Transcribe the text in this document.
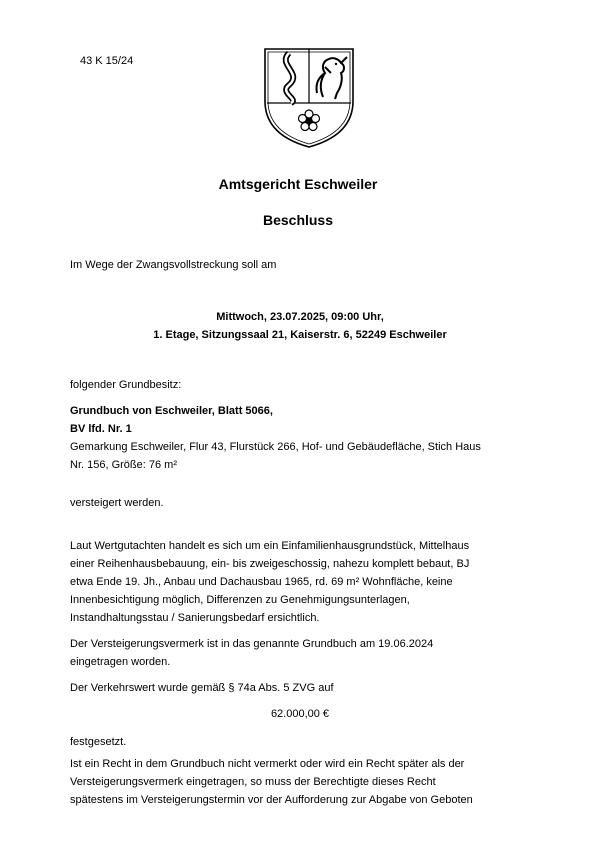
43 K 15/24
Amtsgericht Eschweiler
Beschluss
Im Wege der Zwangsvollstreckung soll am
Mittwoch, 23.07.2025, 09:00 Uhr,
1. Etage, Sitzungssaal 21, Kaiserstr. 6, 52249 Eschweiler
folgender Grundbesitz:
Grundbuch von Eschweiler, Blatt 5066,
BV lfd. Nr. 1
Gemarkung Eschweiler, Flur 43, Flurstück 266, Hof- und Gebäudefläche, Stich Haus
Nr. 156, Größe: 76 m²
versteigert werden.
Laut Wertgutachten handelt es sich um ein Einfamilienhausgrundstück, Mittelhaus
einer Reihenhausbebauung, ein- bis zweigeschossig, nahezu komplett bebaut, BJ
etwa Ende 19. Jh., Anbau und Dachausbau 1965, rd. 69 m² Wohnfläche, keine
Innenbesichtigung möglich, Differenzen zu Genehmigungsunterlagen,
Instandhaltungsstau / Sanierungsbedarf ersichtlich.
Der Versteigerungsvermerk ist in das genannte Grundbuch am 19.06.2024
eingetragen worden.
Der Verkehrswert wurde gemäß § 74a Abs. 5 ZVG auf
62.000,00 €
festgesetzt.
Ist ein Recht in dem Grundbuch nicht vermerkt oder wird ein Recht später als der
Versteigerungsvermerk eingetragen, so muss der Berechtigte dieses Recht
spätestens im Versteigerungstermin vor der Aufforderung zur Abgabe von Geboten
